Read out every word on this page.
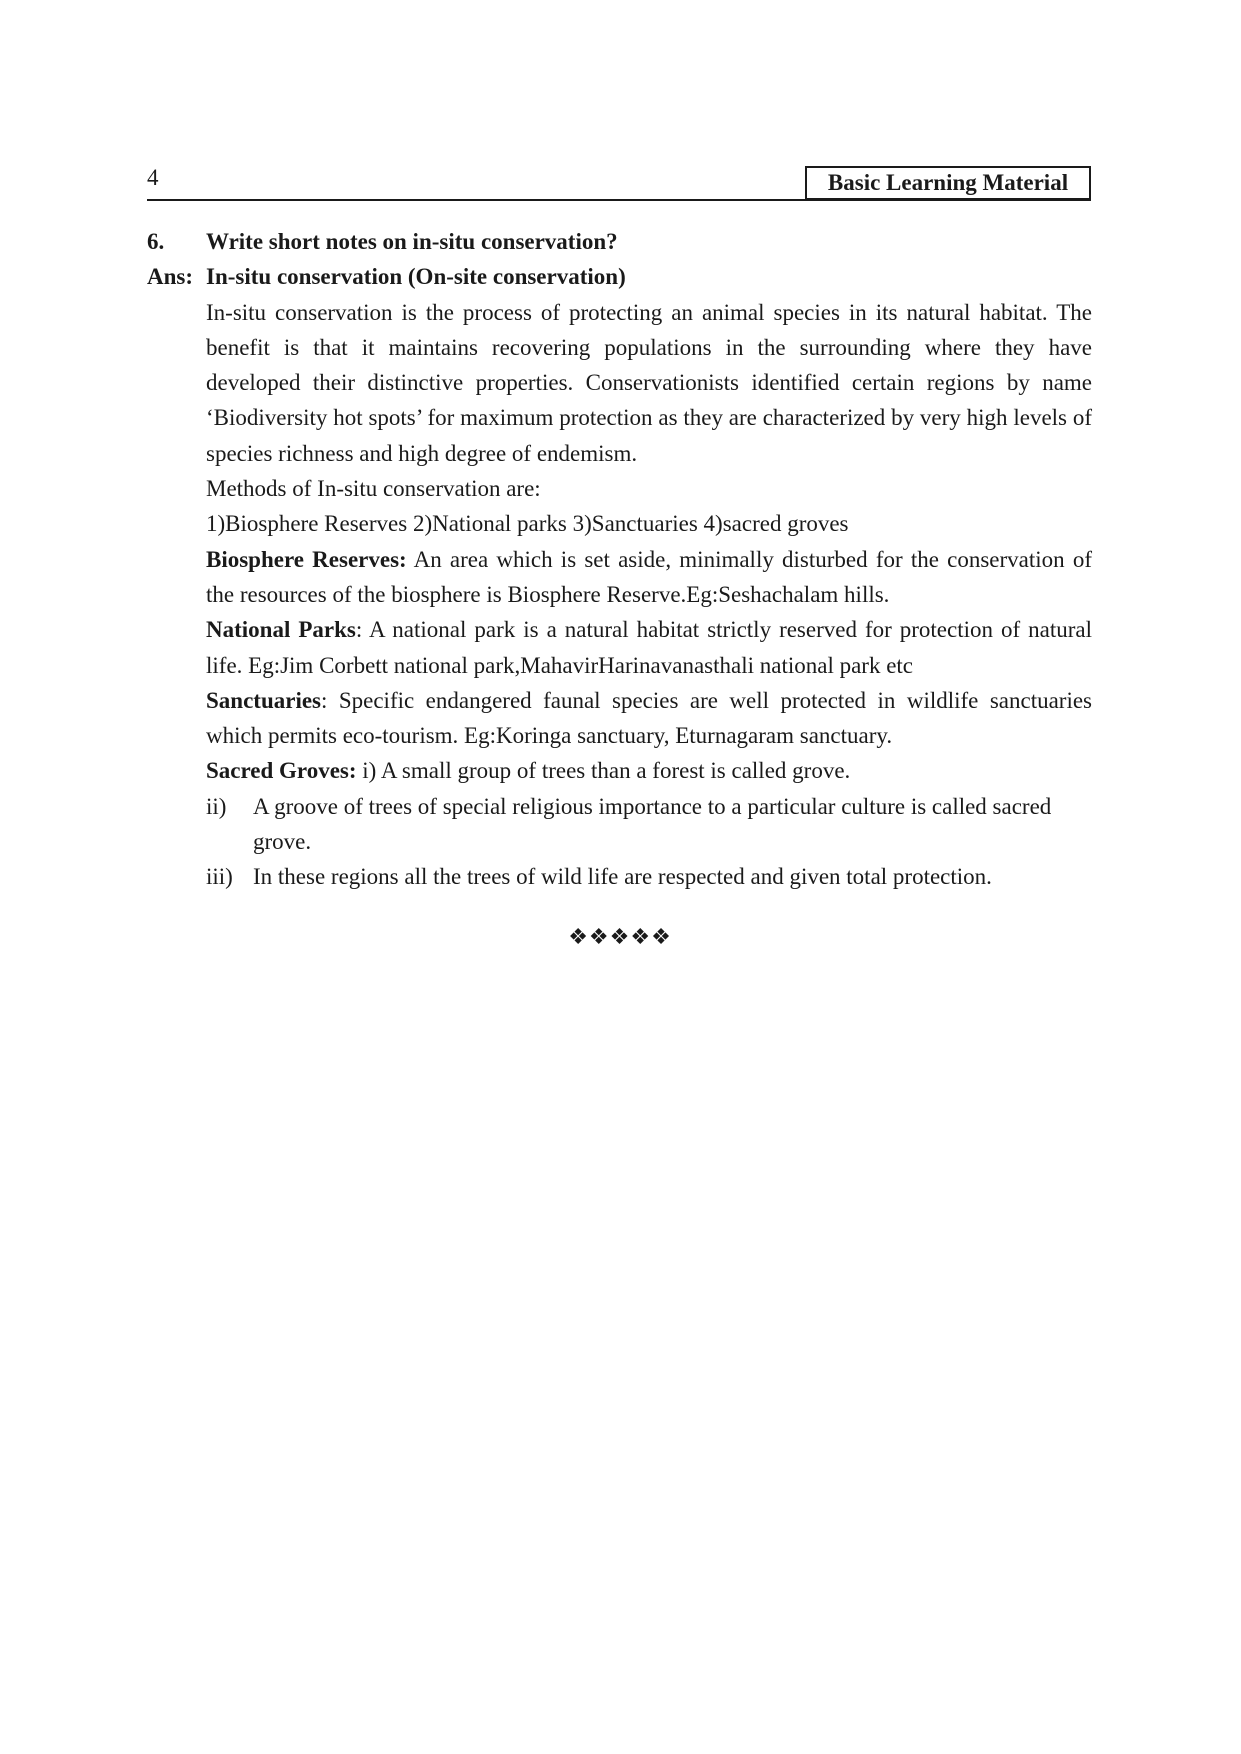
4	Basic Learning Material
6.	Write short notes on in-situ conservation?
Ans: In-situ conservation (On-site conservation)

In-situ conservation is the process of protecting an animal species in its natural habitat. The benefit is that it maintains recovering populations in the surrounding where they have developed their distinctive properties. Conservationists identified certain regions by name ‘Biodiversity hot spots’ for maximum protection as they are characterized by very high levels of species richness and high degree of endemism.

Methods of In-situ conservation are:

1)Biosphere Reserves 2)National parks 3)Sanctuaries 4)sacred groves

Biosphere Reserves: An area which is set aside, minimally disturbed for the conservation of the resources of the biosphere is Biosphere Reserve.Eg:Seshachalam hills.

National Parks: A national park is a natural habitat strictly reserved for protection of natural life. Eg:Jim Corbett national park,MahavirHarinavanasthali national park etc

Sanctuaries: Specific endangered faunal species are well protected in wildlife sanctuaries which permits eco-tourism. Eg:Koringa sanctuary, Eturnagaram sanctuary.

Sacred Groves: i) A small group of trees than a forest is called grove.

ii)	A groove of trees of special religious importance to a particular culture is called sacred grove.

iii) In these regions all the trees of wild life are respected and given total protection.

❖❖❖❖❖
